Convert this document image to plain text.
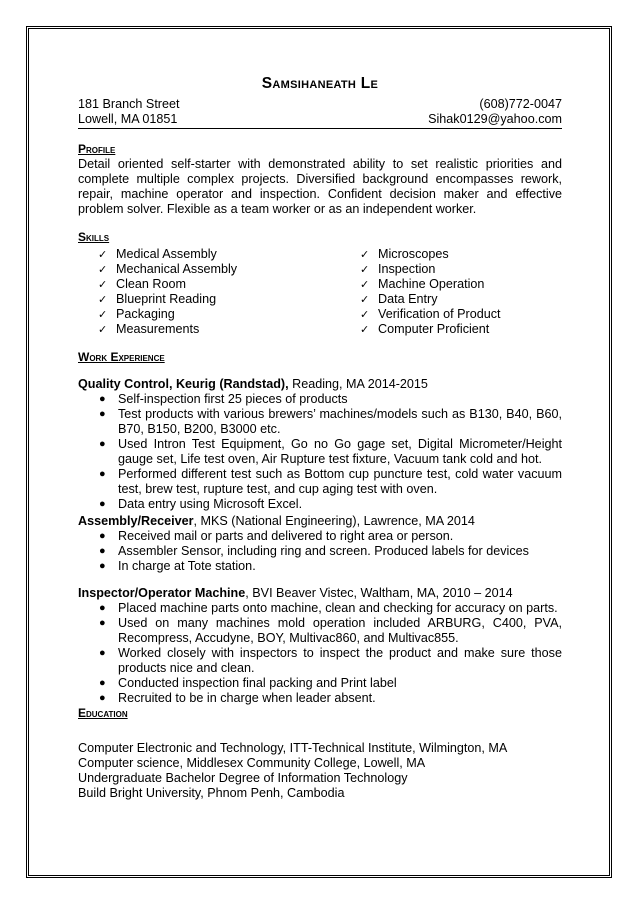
Samsihaneath Le
181 Branch Street	(608)772-0047
Lowell, MA 01851	Sihak0129@yahoo.com
Profile
Detail oriented self-starter with demonstrated ability to set realistic priorities and complete multiple complex projects. Diversified background encompasses rework, repair, machine operator and inspection. Confident decision maker and effective problem solver. Flexible as a team worker or as an independent worker.
Skills
✓ Medical Assembly
✓ Mechanical Assembly
✓ Clean Room
✓ Blueprint Reading
✓ Packaging
✓ Measurements
✓ Microscopes
✓ Inspection
✓ Machine Operation
✓ Data Entry
✓ Verification of Product
✓ Computer Proficient
Work Experience
Quality Control, Keurig (Randstad), Reading, MA 2014-2015
● Self-inspection first 25 pieces of products
● Test products with various brewers’ machines/models such as B130, B40, B60, B70, B150, B200, B3000 etc.
● Used Intron Test Equipment, Go no Go gage set, Digital Micrometer/Height gauge set, Life test oven, Air Rupture test fixture, Vacuum tank cold and hot.
● Performed different test such as Bottom cup puncture test, cold water vacuum test, brew test, rupture test, and cup aging test with oven.
● Data entry using Microsoft Excel.
Assembly/Receiver, MKS (National Engineering), Lawrence, MA 2014
● Received mail or parts and delivered to right area or person.
● Assembler Sensor, including ring and screen. Produced labels for devices
● In charge at Tote station.
Inspector/Operator Machine, BVI Beaver Vistec, Waltham, MA, 2010 – 2014
● Placed machine parts onto machine, clean and checking for accuracy on parts.
● Used on many machines mold operation included ARBURG, C400, PVA, Recompress, Accudyne, BOY, Multivac860, and Multivac855.
● Worked closely with inspectors to inspect the product and make sure those products nice and clean.
● Conducted inspection final packing and Print label
● Recruited to be in charge when leader absent.
Education
Computer Electronic and Technology, ITT-Technical Institute, Wilmington, MA
Computer science, Middlesex Community College, Lowell, MA
Undergraduate Bachelor Degree of Information Technology
Build Bright University, Phnom Penh, Cambodia
